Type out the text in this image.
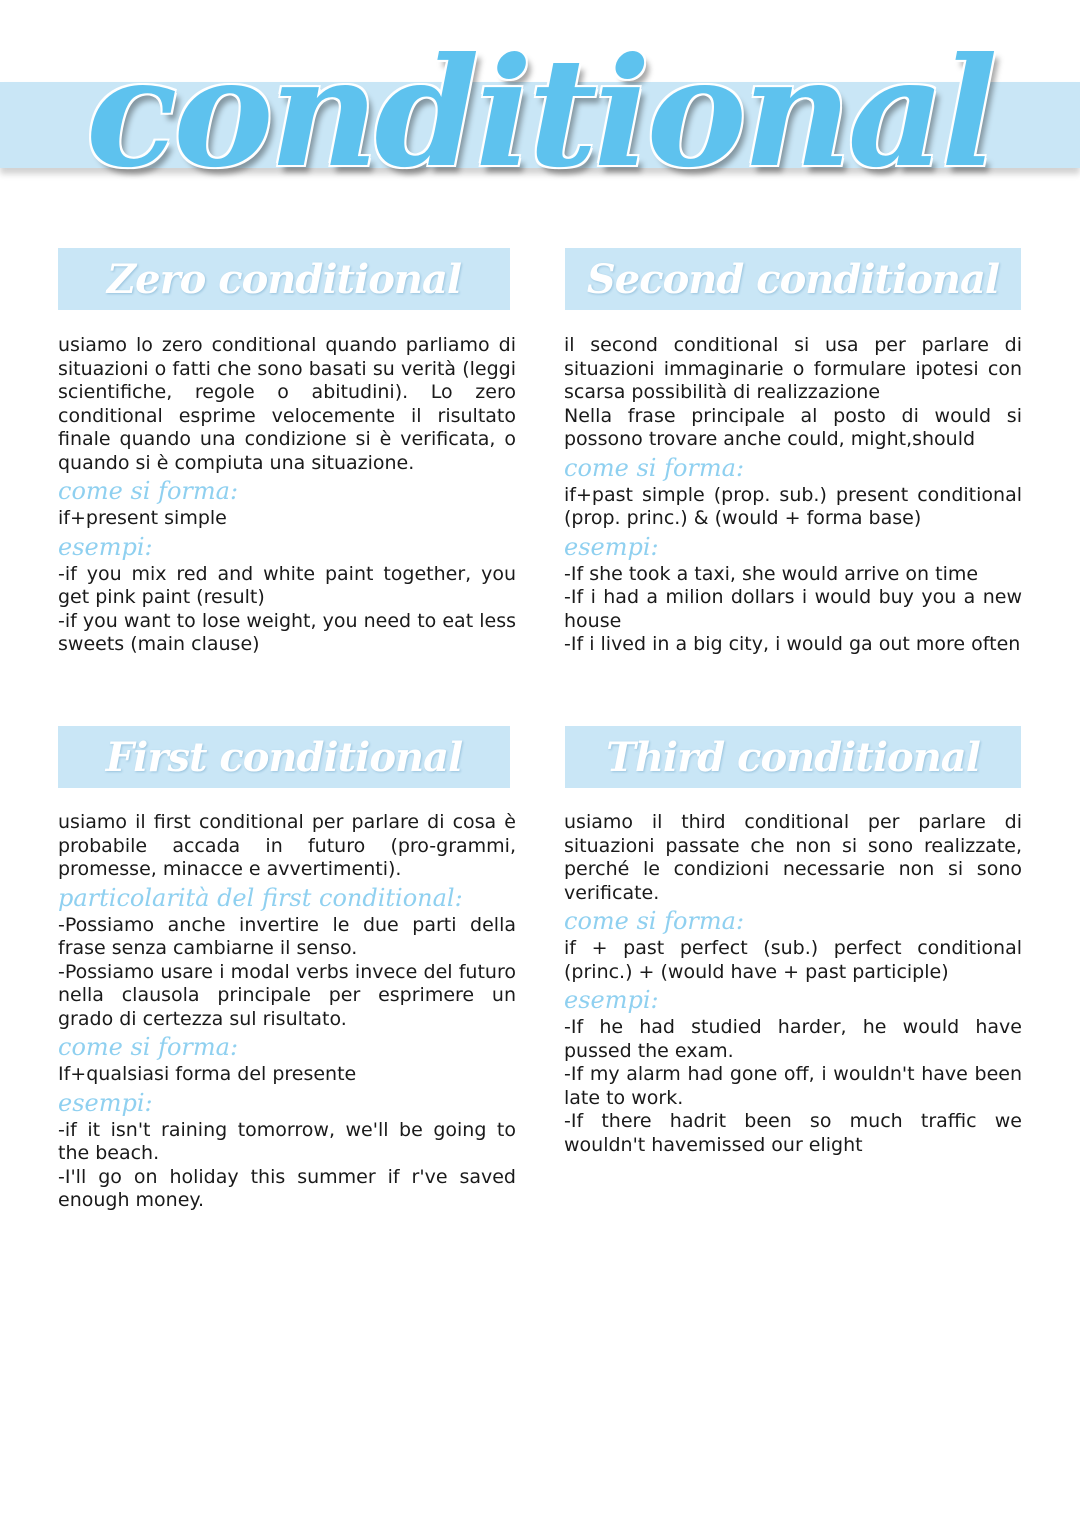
conditional
Zero conditional

usiamo lo zero conditional quando parliamo di situazioni o fatti che sono basati su verità (leggi scientifiche, regole o abitudini). Lo zero conditional esprime velocemente il risultato finale quando una condizione si è verificata, o quando si è compiuta una situazione.

come si forma:

if+present simple

esempi:

-if you mix red and white paint together, you get pink paint (result)

-if you want to lose weight, you need to eat less sweets (main clause)

Second conditional

il second conditional si usa per parlare di situazioni immaginarie o formulare ipotesi con scarsa possibilità di realizzazione

Nella frase principale al posto di would si possono trovare anche could, might,should

come si forma:

if+past simple (prop. sub.) present conditional (prop. princ.) & (would + forma base)

esempi:

-If she took a taxi, she would arrive on time

-If i had a milion dollars i would buy you a new house

-If i lived in a big city, i would ga out more often

First conditional

usiamo il first conditional per parlare di cosa è probabile accada in futuro (pro-grammi, promesse, minacce e avvertimenti).

particolarità del first conditional:

-Possiamo anche invertire le due parti della frase senza cambiarne il senso.

-Possiamo usare i modal verbs invece del futuro nella clausola principale per esprimere un grado di certezza sul risultato.

come si forma:

If+qualsiasi forma del presente

esempi:

-if it isn't raining tomorrow, we'll be going to the beach.

-I'll go on holiday this summer if r've saved enough money.

Third conditional

usiamo il third conditional per parlare di situazioni passate che non si sono realizzate, perché le condizioni necessarie non si sono verificate.

come si forma:

if + past perfect (sub.) perfect conditional (princ.) + (would have + past participle)

esempi:

-If he had studied harder, he would have pussed the exam.

-If my alarm had gone off, i wouldn't have been late to work.

-If there hadrit been so much traffic we wouldn't havemissed our elight
